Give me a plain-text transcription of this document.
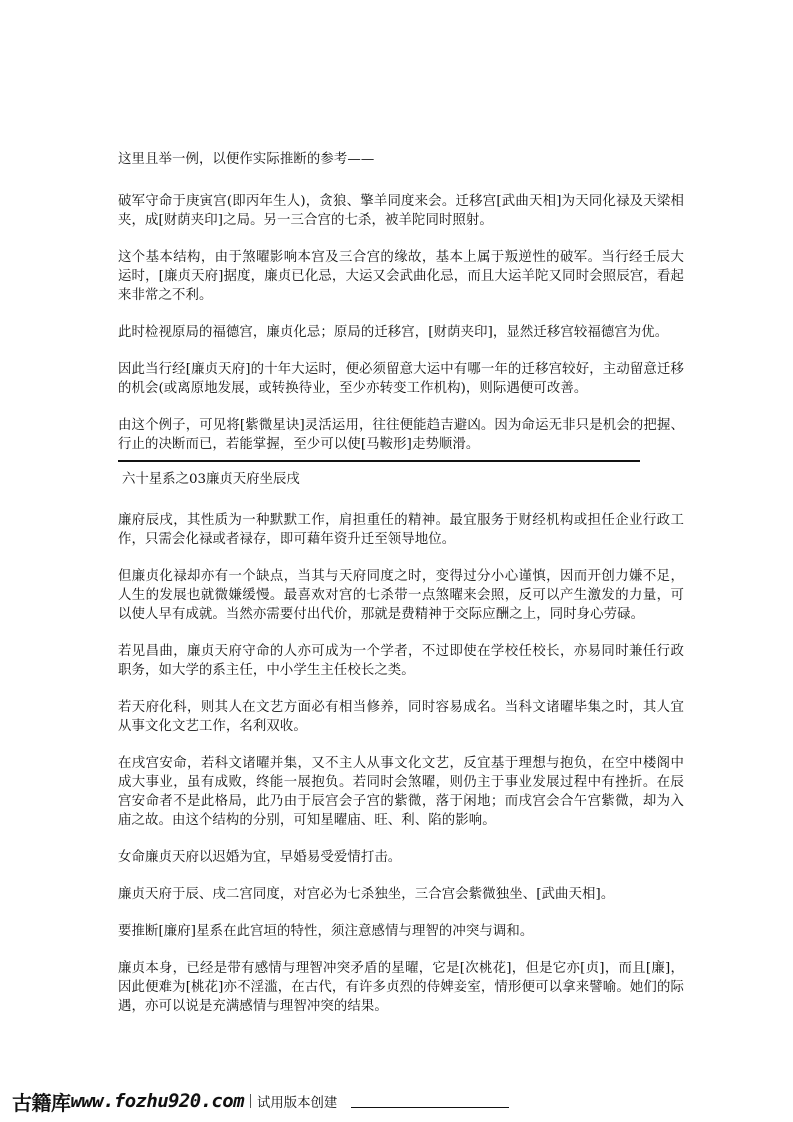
这里且举一例，以便作实际推断的参考——

破军守命于庚寅宫(即丙年生人)，贪狼、擎羊同度来会。迁移宫[武曲天相]为天同化禄及天梁相夹，成[财荫夹印]之局。另一三合宫的七杀，被羊陀同时照射。

这个基本结构，由于煞曜影响本宫及三合宫的缘故，基本上属于叛逆性的破军。当行经壬辰大运时，[廉贞天府]据度，廉贞已化忌，大运又会武曲化忌，而且大运羊陀又同时会照辰宫，看起来非常之不利。

此时检视原局的福德宫，廉贞化忌；原局的迁移宫，[财荫夹印]，显然迁移宫较福德宫为优。

因此当行经[廉贞天府]的十年大运时，便必须留意大运中有哪一年的迁移宫较好，主动留意迁移的机会(或离原地发展，或转换待业，至少亦转变工作机构)，则际遇便可改善。

由这个例子，可见将[紫微星诀]灵活运用，往往便能趋吉避凶。因为命运无非只是机会的把握、行止的决断而已，若能掌握，至少可以使[马鞍形]走势顺滑。

六十星系之03廉贞天府坐辰戌

廉府辰戌，其性质为一种默默工作，肩担重任的精神。最宜服务于财经机构或担任企业行政工作，只需会化禄或者禄存，即可藉年资升迁至领导地位。

但廉贞化禄却亦有一个缺点，当其与天府同度之时，变得过分小心谨慎，因而开创力嫌不足，人生的发展也就微嫌缓慢。最喜欢对宫的七杀带一点煞曜来会照，反可以产生激发的力量，可以使人早有成就。当然亦需要付出代价，那就是费精神于交际应酬之上，同时身心劳碌。

若见昌曲，廉贞天府守命的人亦可成为一个学者，不过即使在学校任校长，亦易同时兼任行政职务，如大学的系主任，中小学生主任校长之类。

若天府化科，则其人在文艺方面必有相当修养，同时容易成名。当科文诸曜毕集之时，其人宜从事文化文艺工作，名利双收。

在戌宫安命，若科文诸曜并集，又不主人从事文化文艺，反宜基于理想与抱负，在空中楼阁中成大事业，虽有成败，终能一展抱负。若同时会煞曜，则仍主于事业发展过程中有挫折。在辰宫安命者不是此格局，此乃由于辰宫会子宫的紫微，落于闲地；而戌宫会合午宫紫微，却为入庙之故。由这个结构的分别，可知星曜庙、旺、利、陷的影响。

女命廉贞天府以迟婚为宜，早婚易受爱情打击。

廉贞天府于辰、戌二宫同度，对宫必为七杀独坐，三合宫会紫微独坐、[武曲天相]。

要推断[廉府]星系在此宫垣的特性，须注意感情与理智的冲突与调和。

廉贞本身，已经是带有感情与理智冲突矛盾的星曜，它是[次桃花]，但是它亦[贞]，而且[廉]，因此便难为[桃花]亦不淫滥，在古代，有许多贞烈的侍婢妾室，情形便可以拿来譬喻。她们的际遇，亦可以说是充满感情与理智冲突的结果。

古籍库 www.fozhu920.com 试用版本创建
